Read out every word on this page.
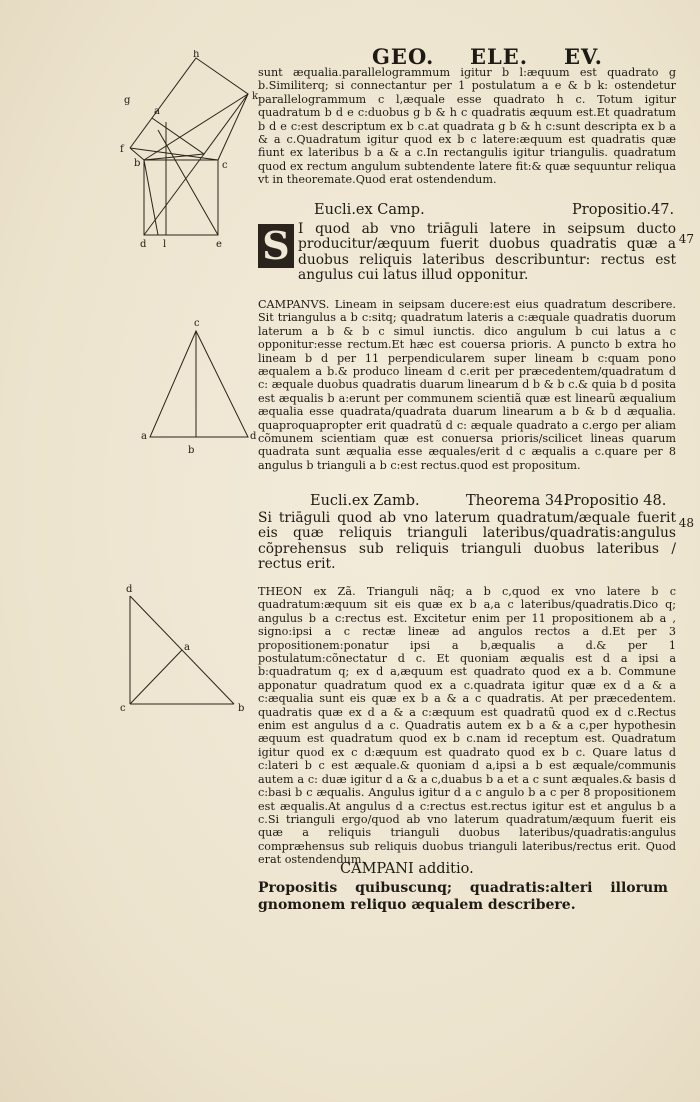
GEO. ELE. EV.
h
k
g
a
f
b	c
d l	e
c
a
b
d
d
a
c	b

sunt æqualia.parallelogrammum igitur b l:æquum est quadrato g b.Similiterq; si connectantur per 1 postulatum a e & b k: ostendetur parallelogrammum c l,æquale esse quadrato h c. Totum igitur quadratum b d e c:duobus g b & h c quadratis æquum est.Et quadratum b d e c:est descriptum ex b c.at quadrata g b & h c:sunt descripta ex b a & a c.Quadratum igitur quod ex b c latere:æquum est quadratis quæ fiunt ex lateribus b a & a c.In rectangulis igitur triangulis. quadratum quod ex rectum angulum subtendente latere fit:& quæ sequuntur reliqua vt in theoremate.Quod erat ostendendum.

Eucli.ex Camp.	Propositio.47.
47
S I quod ab vno triāguli latere in seipsum ducto producitur/æquum fuerit duobus quadratis quæ a duobus reliquis lateribus describuntur: rectus est angulus cui latus illud opponitur.

CAMPANVS. Lineam in seipsam ducere:est eius quadratum describere. Sit triangulus a b c:sitq; quadratum lateris a c:æquale quadratis duorum laterum a b & b c simul iunctis. dico angulum b cui latus a c opponitur:esse rectum.Et hæc est couersa prioris. A puncto b extra ho lineam b d per 11 perpendicularem super lineam b c:quam pono æqualem a b.& produco lineam d c.erit per præcedentem/quadratum d c: æquale duobus quadratis duarum linearum d b & b c.& quia b d posita est æqualis b a:erunt per communem scientiã quæ est linearũ æqualium æqualia esse quadrata/quadrata duarum linearum a b & b d æqualia. quaproquapropter erit quadratũ d c: æquale quadrato a c.ergo per aliam cõmunem scientiam quæ est conuersa prioris/scilicet lineas quarum quadrata sunt æqualia esse æquales/erit d c æqualis a c.quare per 8 angulus b trianguli a b c:est rectus.quod est propositum.

Eucli.ex Zamb.	Theorema 34.
Propositio 48.
48

Si triāguli quod ab vno laterum quadratum/æquale fuerit eis quæ reliquis trianguli lateribus/quadratis:angulus cõprehensus sub reliquis trianguli duobus lateribus / rectus erit.

THEON ex Zã. Trianguli nãq; a b c,quod ex vno latere b c quadratum:æquum sit eis quæ ex b a,a c lateribus/quadratis.Dico q; angulus b a c:rectus est. Excitetur enim per 11 propositionem ab a , signo:ipsi a c rectæ lineæ ad angulos rectos a d.Et per 3 propositionem:ponatur ipsi a b,æqualis a d.& per 1 postulatum:cõnectatur d c. Et quoniam æqualis est d a ipsi a b:quadratum q; ex d a,æquum est quadrato quod ex a b. Commune apponatur quadratum quod ex a c.quadrata igitur quæ ex d a & a c:æqualia sunt eis quæ ex b a & a c quadratis. At per præcedentem. quadratis quæ ex d a & a c:æquum est quadratũ quod ex d c.Rectus enim est angulus d a c. Quadratis autem ex b a & a c,per hypothesin æquum est quadratum quod ex b c.nam id receptum est. Quadratum igitur quod ex c d:æquum est quadrato quod ex b c. Quare latus d c:lateri b c est æquale.& quoniam d a,ipsi a b est æquale/communis autem a c: duæ igitur d a & a c,duabus b a et a c sunt æquales.& basis d c:basi b c æqualis. Angulus igitur d a c angulo b a c per 8 propositionem est æqualis.At angulus d a c:rectus est.rectus igitur est et angulus b a c.Si trianguli ergo/quod ab vno laterum quadratum/æquum fuerit eis quæ a reliquis trianguli duobus lateribus/quadratis:angulus compræhensus sub reliquis duobus trianguli lateribus/rectus erit. Quod erat ostendendum.

CAMPANI additio.

Propositis quibuscunq; quadratis:alteri illorum gnomonem reliquo æqualem describere.
